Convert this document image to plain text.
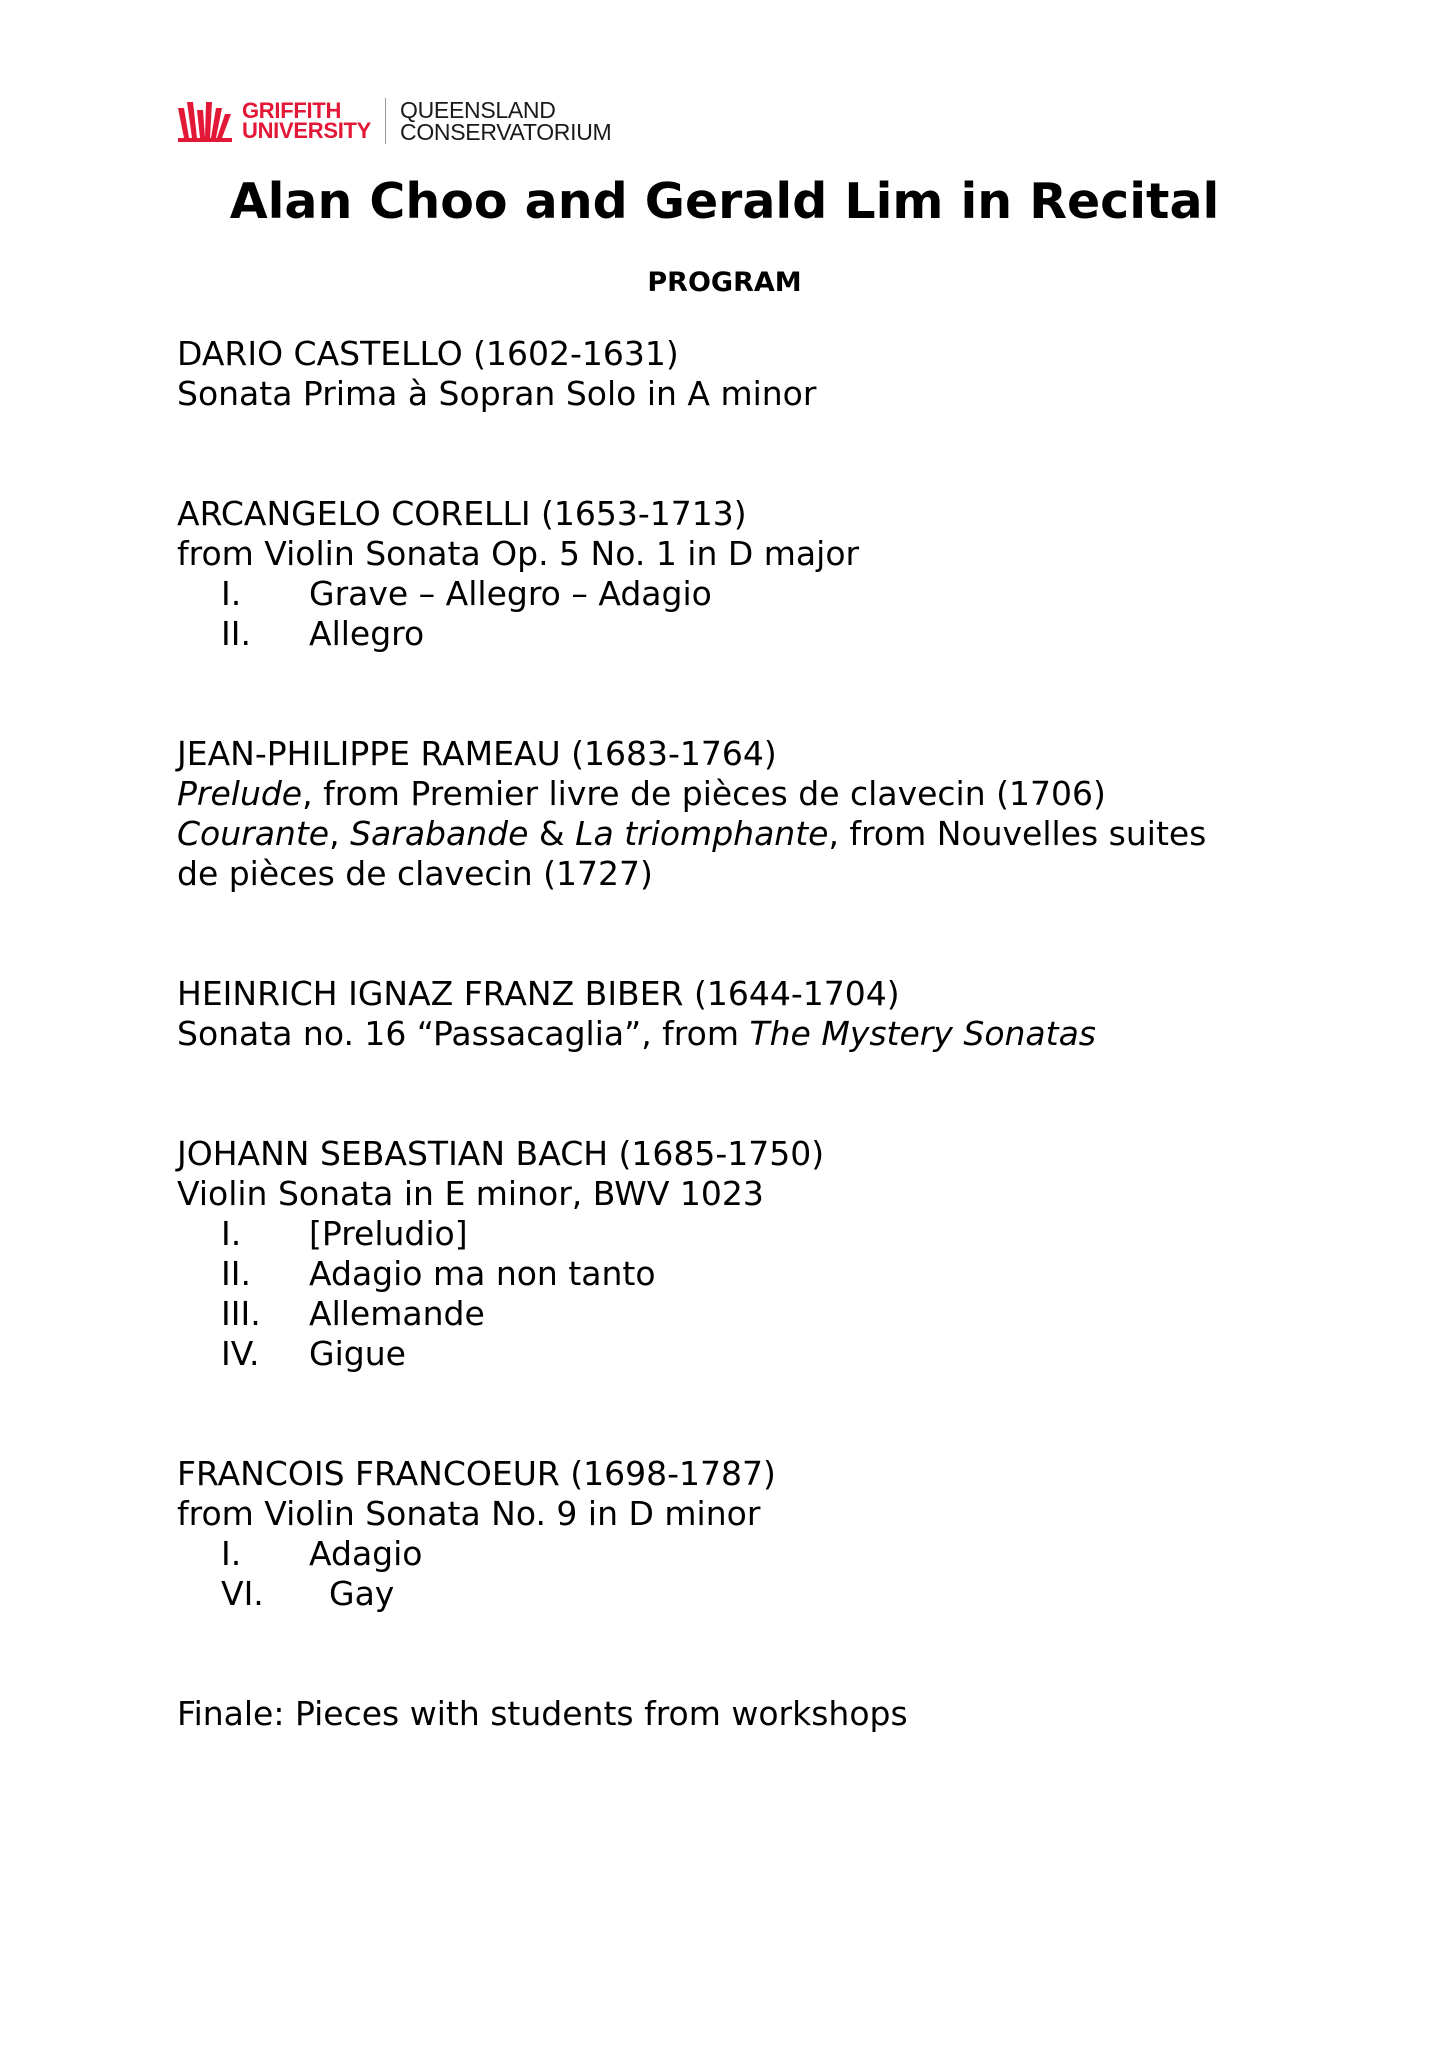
GRIFFITH
UNIVERSITY
QUEENSLAND
CONSERVATORIUM
Alan Choo and Gerald Lim in Recital
PROGRAM
DARIO CASTELLO (1602-1631)
Sonata Prima à Sopran Solo in A minor
ARCANGELO CORELLI (1653-1713)
from Violin Sonata Op. 5 No. 1 in D major
I.	Grave – Allegro – Adagio
II.	Allegro
JEAN-PHILIPPE RAMEAU (1683-1764)
Prelude, from Premier livre de pièces de clavecin (1706)
Courante, Sarabande & La triomphante, from Nouvelles suites
de pièces de clavecin (1727)
HEINRICH IGNAZ FRANZ BIBER (1644-1704)
Sonata no. 16 “Passacaglia”, from The Mystery Sonatas
JOHANN SEBASTIAN BACH (1685-1750)
Violin Sonata in E minor, BWV 1023
I.	[Preludio]
II.	Adagio ma non tanto
III.	Allemande
IV.	Gigue
FRANCOIS FRANCOEUR (1698-1787)
from Violin Sonata No. 9 in D minor
I.	Adagio
VI.	Gay
Finale: Pieces with students from workshops
